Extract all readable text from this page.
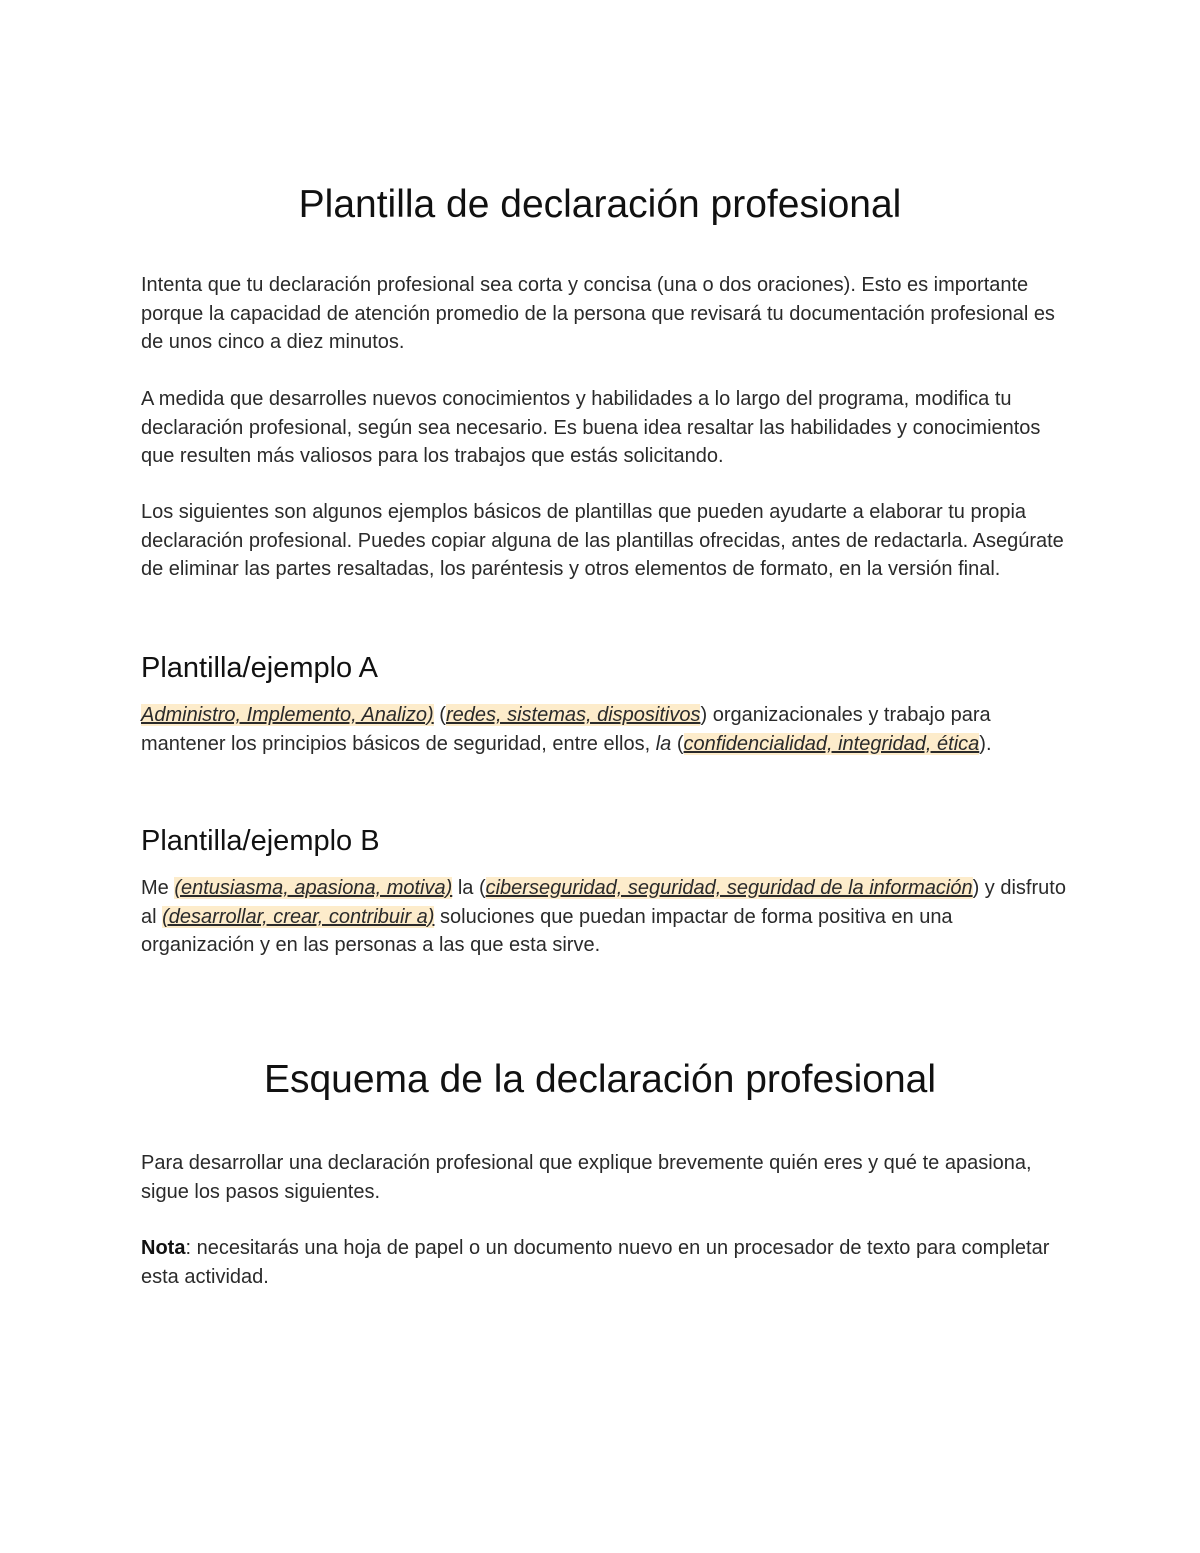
Plantilla de declaración profesional

Intenta que tu declaración profesional sea corta y concisa (una o dos oraciones). Esto es importante porque la capacidad de atención promedio de la persona que revisará tu documentación profesional es de unos cinco a diez minutos.

A medida que desarrolles nuevos conocimientos y habilidades a lo largo del programa, modifica tu declaración profesional, según sea necesario. Es buena idea resaltar las habilidades y conocimientos que resulten más valiosos para los trabajos que estás solicitando.

Los siguientes son algunos ejemplos básicos de plantillas que pueden ayudarte a elaborar tu propia declaración profesional. Puedes copiar alguna de las plantillas ofrecidas, antes de redactarla. Asegúrate de eliminar las partes resaltadas, los paréntesis y otros elementos de formato, en la versión final.

Plantilla/ejemplo A

Administro, Implemento, Analizo) (redes, sistemas, dispositivos) organizacionales y trabajo para mantener los principios básicos de seguridad, entre ellos, la (confidencialidad, integridad, ética).

Plantilla/ejemplo B

Me (entusiasma, apasiona, motiva) la (ciberseguridad, seguridad, seguridad de la información) y disfruto al (desarrollar, crear, contribuir a) soluciones que puedan impactar de forma positiva en una organización y en las personas a las que esta sirve.

Esquema de la declaración profesional

Para desarrollar una declaración profesional que explique brevemente quién eres y qué te apasiona, sigue los pasos siguientes.

Nota: necesitarás una hoja de papel o un documento nuevo en un procesador de texto para completar esta actividad.
